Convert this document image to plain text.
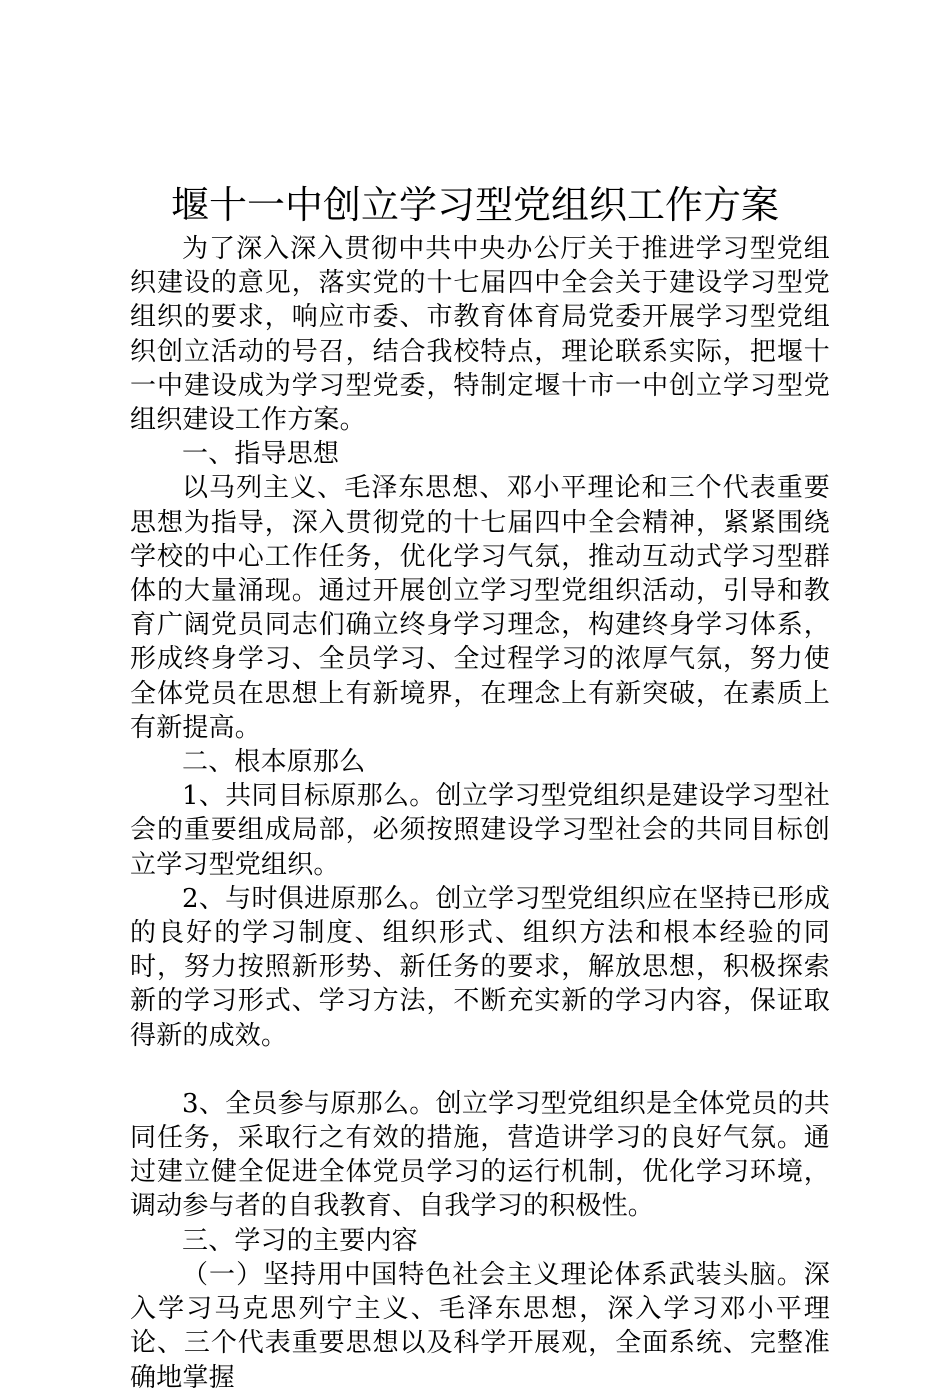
堰十一中创立学习型党组织工作方案

为了深入深入贯彻中共中央办公厅关于推进学习型党组织建设的意见，落实党的十七届四中全会关于建设学习型党组织的要求，响应市委、市教育体育局党委开展学习型党组织创立活动的号召，结合我校特点，理论联系实际，把堰十一中建设成为学习型党委，特制定堰十市一中创立学习型党组织建设工作方案。

一、指导思想

以马列主义、毛泽东思想、邓小平理论和三个代表重要思想为指导，深入贯彻党的十七届四中全会精神，紧紧围绕学校的中心工作任务，优化学习气氛，推动互动式学习型群体的大量涌现。通过开展创立学习型党组织活动，引导和教育广阔党员同志们确立终身学习理念，构建终身学习体系，形成终身学习、全员学习、全过程学习的浓厚气氛，努力使全体党员在思想上有新境界，在理念上有新突破，在素质上有新提高。

二、根本原那么

1、共同目标原那么。创立学习型党组织是建设学习型社会的重要组成局部，必须按照建设学习型社会的共同目标创立学习型党组织。

2、与时俱进原那么。创立学习型党组织应在坚持已形成的良好的学习制度、组织形式、组织方法和根本经验的同时，努力按照新形势、新任务的要求，解放思想，积极探索新的学习形式、学习方法，不断充实新的学习内容，保证取得新的成效。

3、全员参与原那么。创立学习型党组织是全体党员的共同任务，采取行之有效的措施，营造讲学习的良好气氛。通过建立健全促进全体党员学习的运行机制，优化学习环境，调动参与者的自我教育、自我学习的积极性。

三、学习的主要内容

（一）坚持用中国特色社会主义理论体系武装头脑。深入学习马克思列宁主义、毛泽东思想，深入学习邓小平理论、三个代表重要思想以及科学开展观，全面系统、完整准确地掌握
